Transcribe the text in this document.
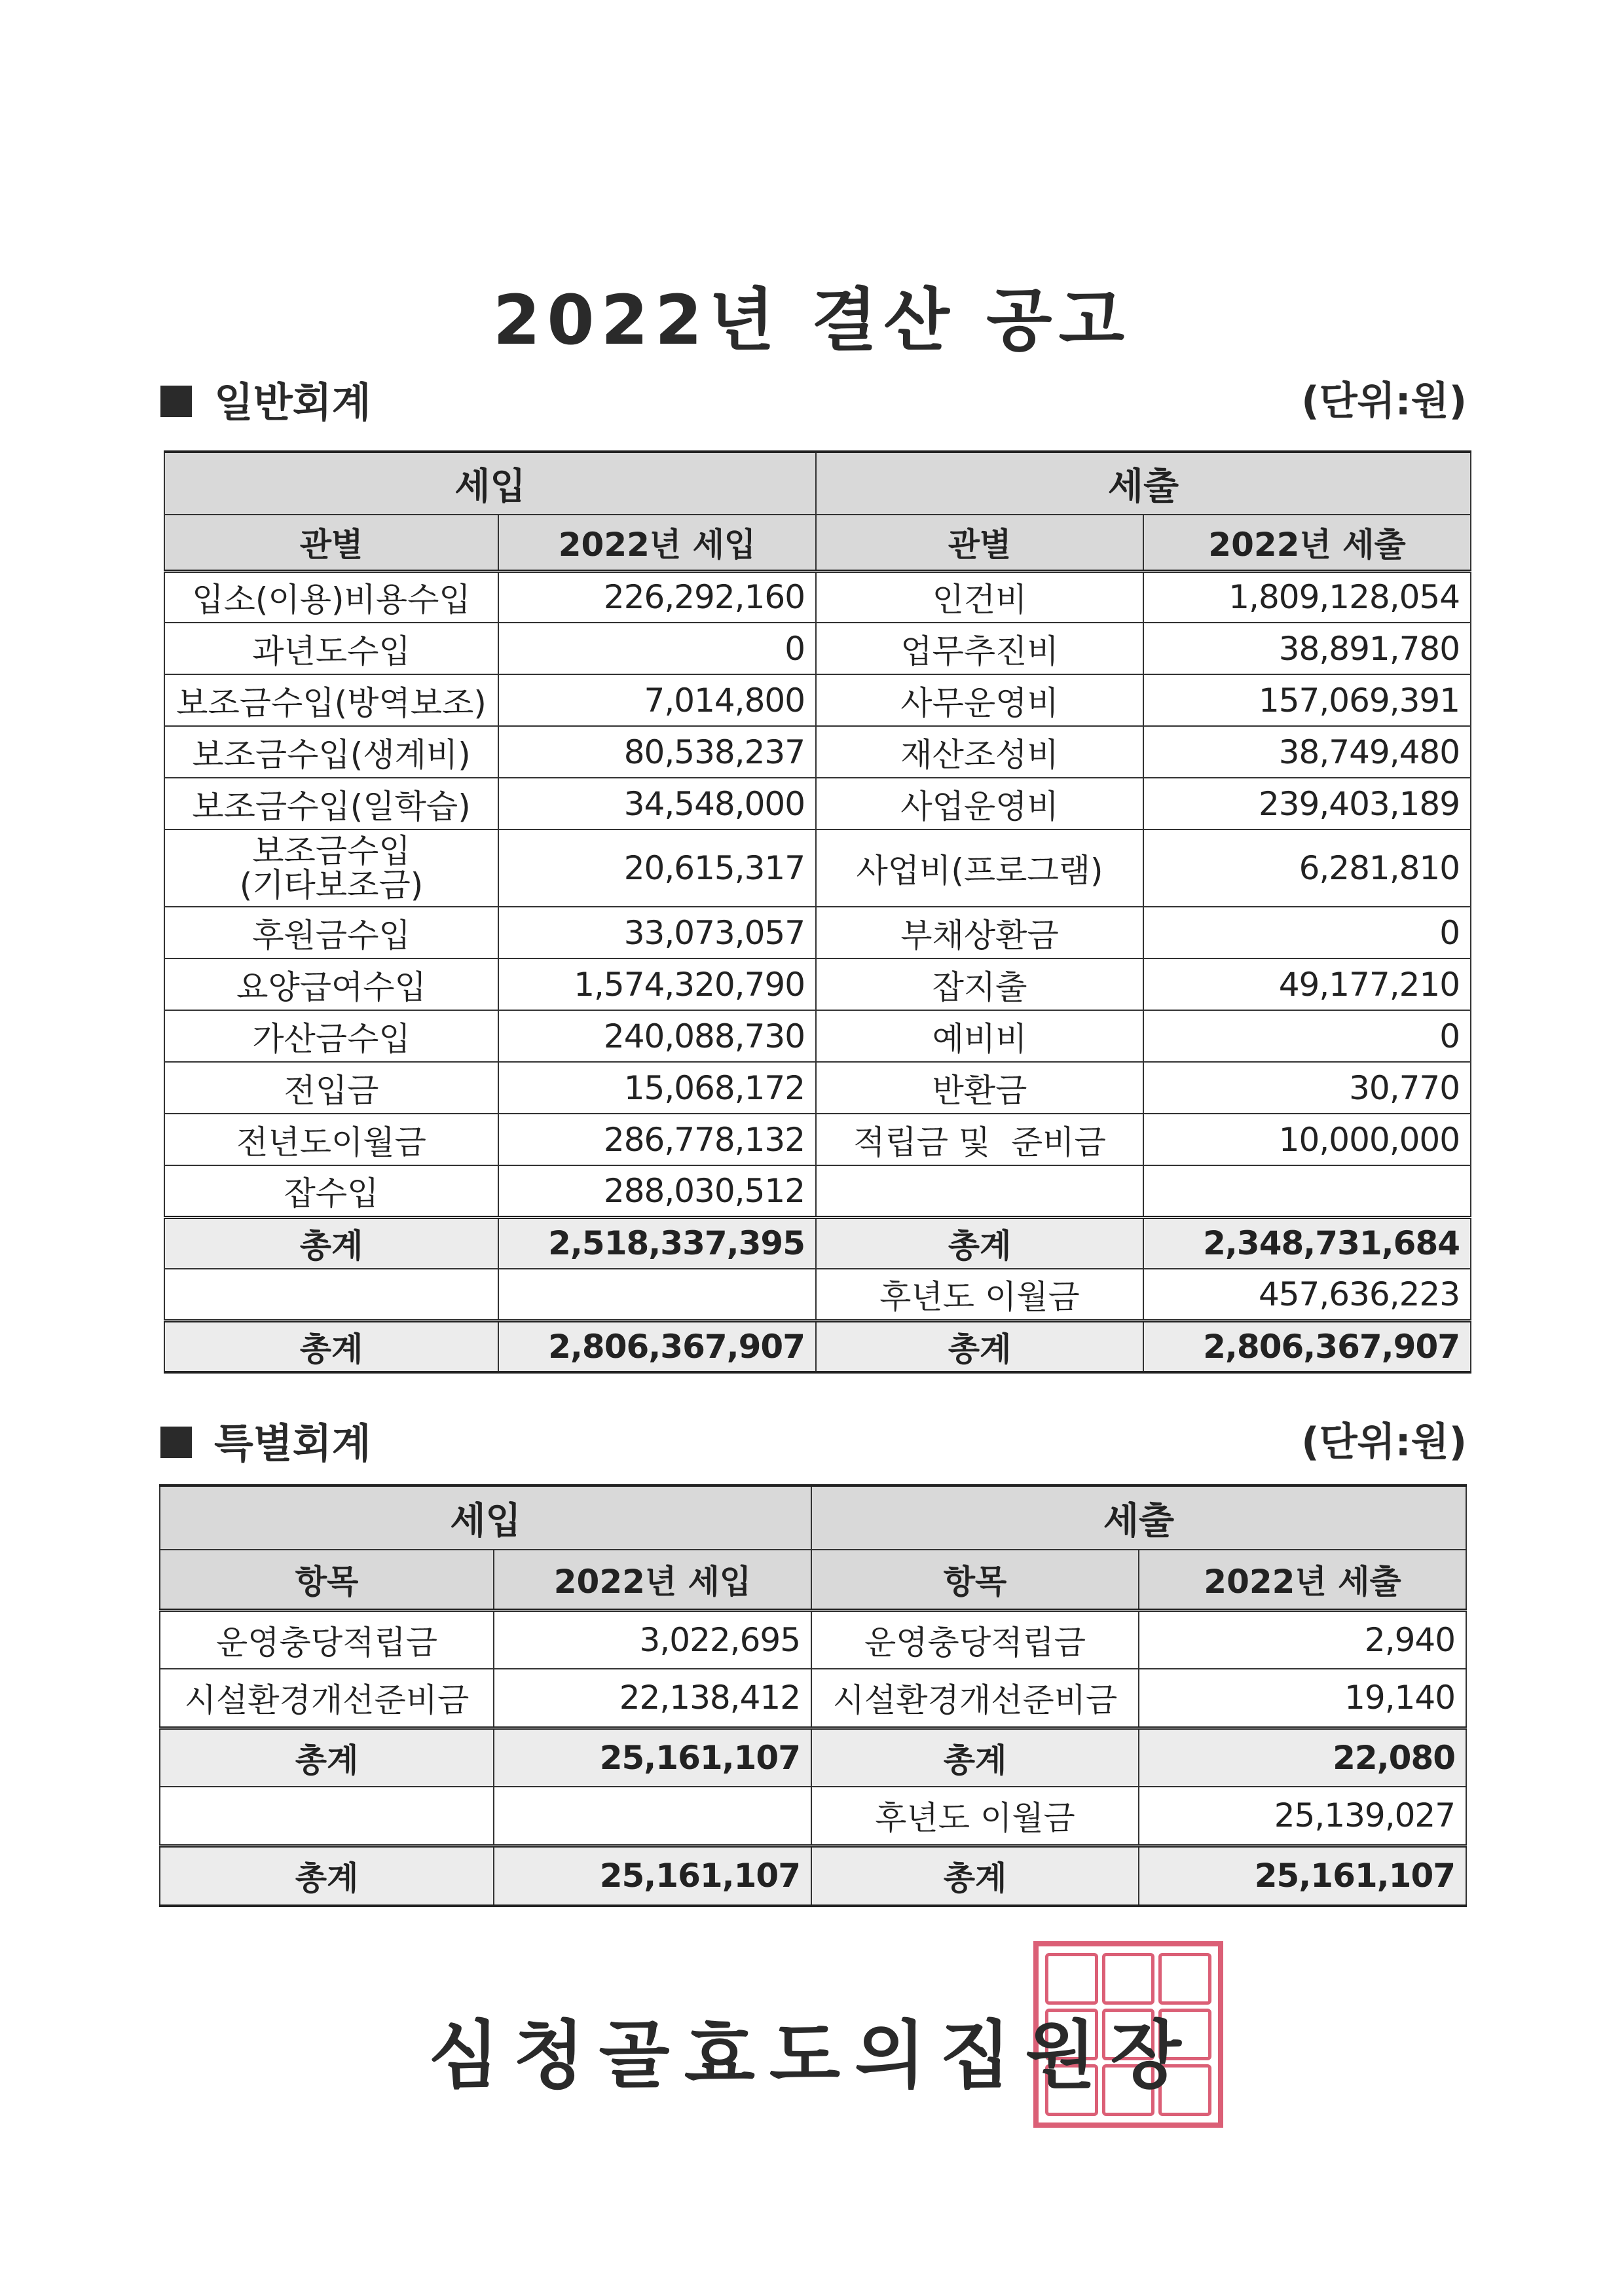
2022년 결산 공고
일반회계	(단위:원)
세입		세출	
관별	2022년 세입	관별	2022년 세출
입소(이용)비용수입	226,292,160	인건비	1,809,128,054
과년도수입	0	업무추진비	38,891,780
보조금수입(방역보조)	7,014,800	사무운영비	157,069,391
보조금수입(생계비)	80,538,237	재산조성비	38,749,480
보조금수입(일학습)	34,548,000	사업운영비	239,403,189

보조금수입
(기타보조금)	20,615,317	사업비(프로그램)	6,281,810
후원금수입	33,073,057	부채상환금	0
요양급여수입	1,574,320,790	잡지출	49,177,210
가산금수입	240,088,730	예비비	0
전입금	15,068,172	반환금	30,770
전년도이월금	286,778,132	적립금 및  준비금	10,000,000
잡수입	288,030,512		
총계	2,518,337,395	총계	2,348,731,684
		후년도 이월금	457,636,223
총계	2,806,367,907	총계	2,806,367,907
특별회계	(단위:원)
세입		세출	
항목	2022년 세입	항목	2022년 세출
운영충당적립금	3,022,695	운영충당적립금	2,940
시설환경개선준비금	22,138,412	시설환경개선준비금	19,140
총계	25,161,107	총계	22,080
		후년도 이월금	25,139,027
총계	25,161,107	총계	25,161,107
심청골효도의집원장
